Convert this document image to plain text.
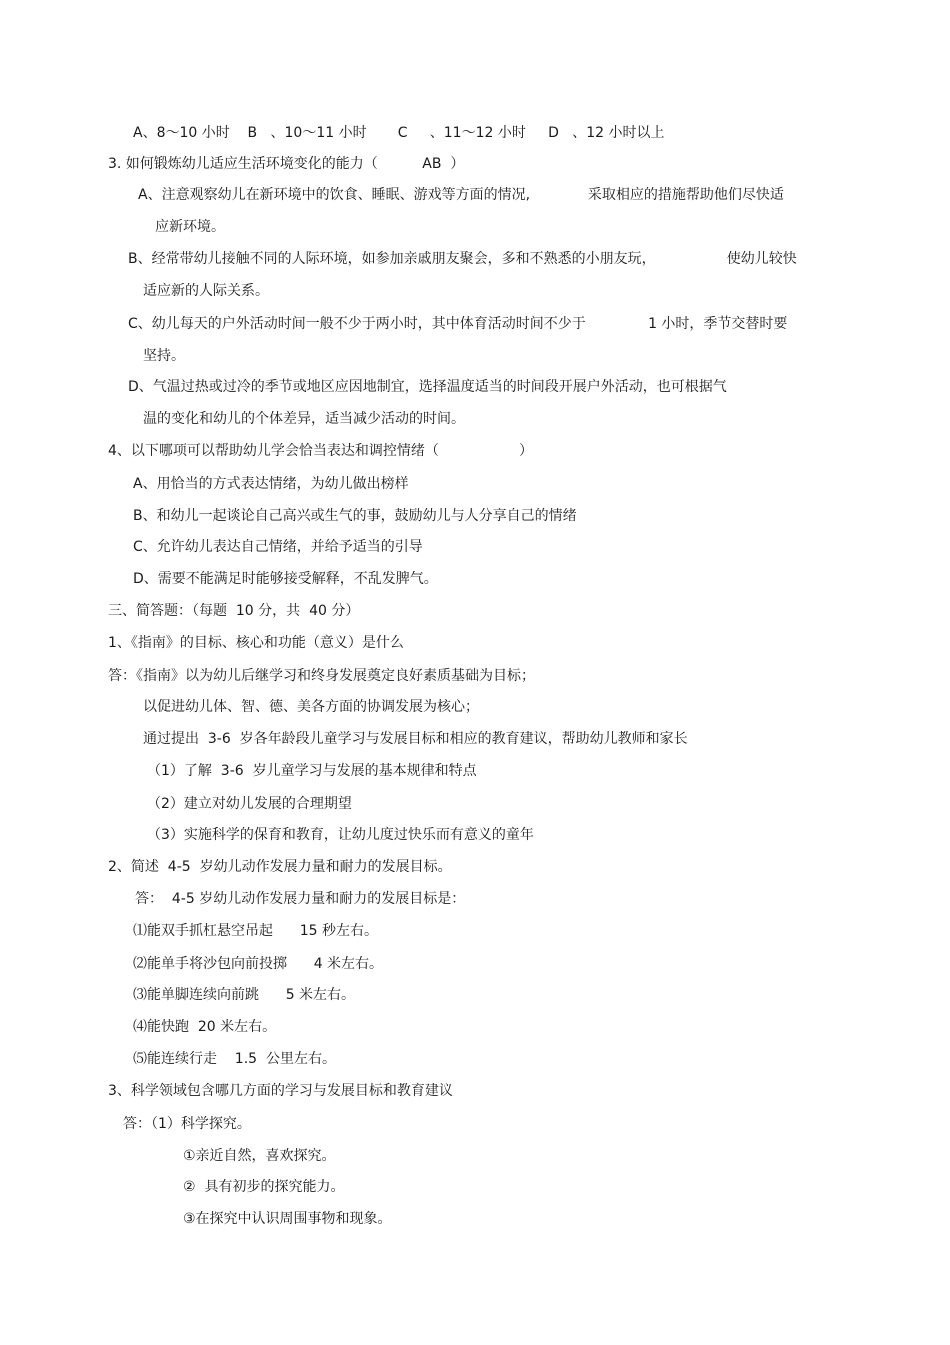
A、8～10 小时    B   、10～11 小时       C     、11～12 小时     D   、12 小时以上
3. 如何锻炼幼儿适应生活环境变化的能力（          AB  ）
A、注意观察幼儿在新环境中的饮食、睡眠、游戏等方面的情况,             采取相应的措施帮助他们尽快适
应新环境。
B、经常带幼儿接触不同的人际环境，如参加亲戚朋友聚会，多和不熟悉的小朋友玩，                使幼儿较快
适应新的人际关系。
C、幼儿每天的户外活动时间一般不少于两小时，其中体育活动时间不少于              1 小时，季节交替时要
坚持。
D、气温过热或过冷的季节或地区应因地制宜，选择温度适当的时间段开展户外活动，也可根据气
温的变化和幼儿的个体差异，适当减少活动的时间。
4、以下哪项可以帮助幼儿学会恰当表达和调控情绪（                  ）
A、用恰当的方式表达情绪，为幼儿做出榜样
B、和幼儿一起谈论自己高兴或生气的事，鼓励幼儿与人分享自己的情绪
C、允许幼儿表达自己情绪，并给予适当的引导
D、需要不能满足时能够接受解释，不乱发脾气。
三、简答题：（每题  10 分，共  40 分）
1、《指南》的目标、核心和功能（意义）是什么
答：《指南》以为幼儿后继学习和终身发展奠定良好素质基础为目标；
以促进幼儿体、智、德、美各方面的协调发展为核心；
通过提出  3-6  岁各年龄段儿童学习与发展目标和相应的教育建议，帮助幼儿教师和家长
（1）了解  3-6  岁儿童学习与发展的基本规律和特点
（2）建立对幼儿发展的合理期望
（3）实施科学的保育和教育，让幼儿度过快乐而有意义的童年
2、简述  4-5  岁幼儿动作发展力量和耐力的发展目标。
答：  4-5 岁幼儿动作发展力量和耐力的发展目标是：
⑴能双手抓杠悬空吊起      15 秒左右。
⑵能单手将沙包向前投掷      4 米左右。
⑶能单脚连续向前跳      5 米左右。
⑷能快跑  20 米左右。
⑸能连续行走    1.5  公里左右。
3、科学领域包含哪几方面的学习与发展目标和教育建议
答：（1）科学探究。
①亲近自然，喜欢探究。
②  具有初步的探究能力。
③在探究中认识周围事物和现象。
